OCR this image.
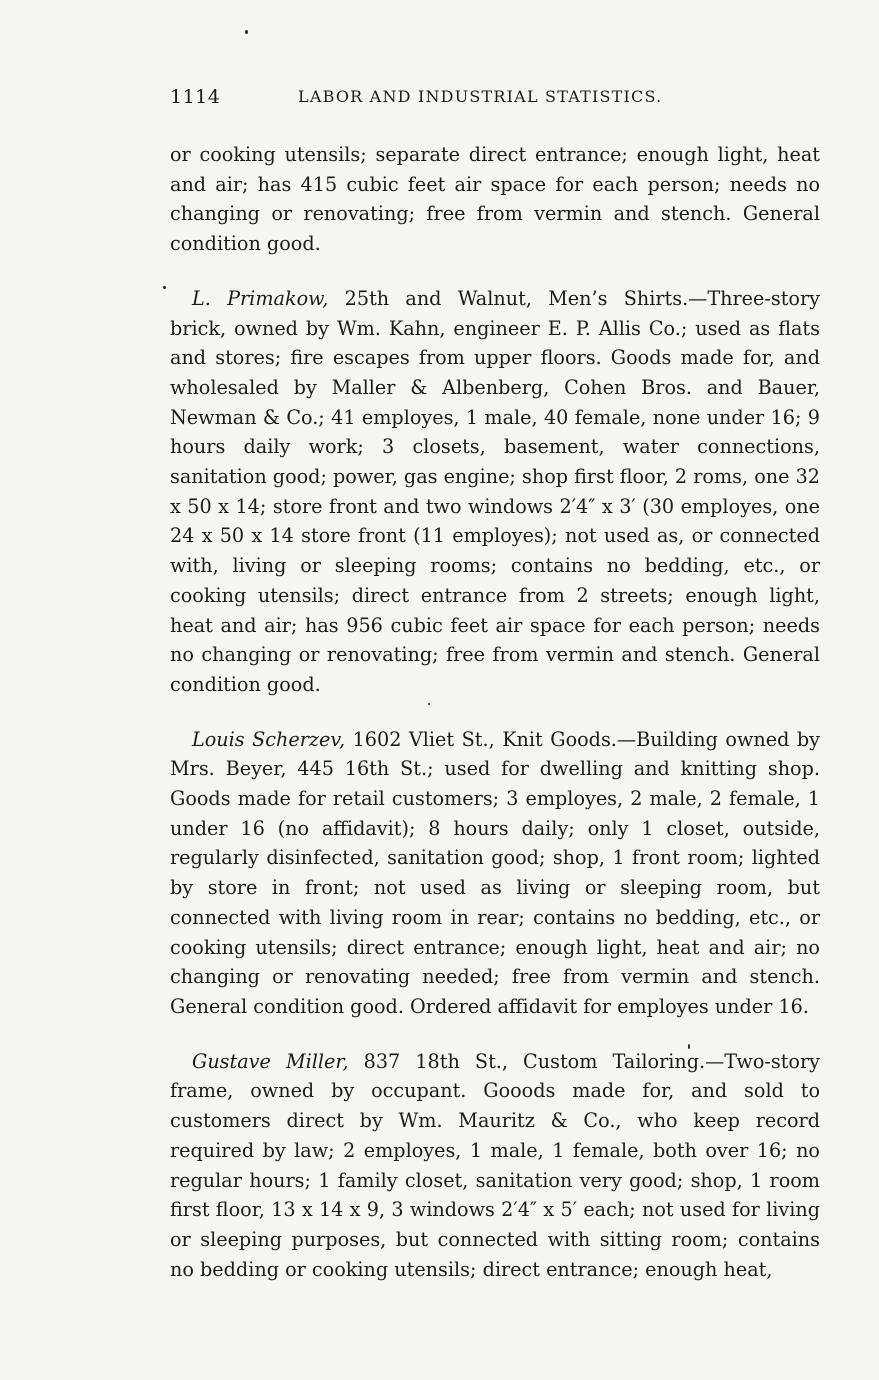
1114	LABOR AND INDUSTRIAL STATISTICS.

or cooking utensils; separate direct entrance; enough light, heat and air; has 415 cubic feet air space for each person; needs no changing or renovating; free from vermin and stench. General condition good.

L. Primakow, 25th and Walnut, Men’s Shirts.—Three-story brick, owned by Wm. Kahn, engineer E. P. Allis Co.; used as flats and stores; fire escapes from upper floors. Goods made for, and wholesaled by Maller & Albenberg, Cohen Bros. and Bauer, Newman & Co.; 41 employes, 1 male, 40 female, none under 16; 9 hours daily work; 3 closets, basement, water connections, sanitation good; power, gas engine; shop first floor, 2 roms, one 32 x 50 x 14; store front and two windows 2′4″ x 3′ (30 employes, one 24 x 50 x 14 store front (11 employes); not used as, or connected with, living or sleeping rooms; contains no bedding, etc., or cooking utensils; direct entrance from 2 streets; enough light, heat and air; has 956 cubic feet air space for each person; needs no changing or renovating; free from vermin and stench. General condition good.

Louis Scherzev, 1602 Vliet St., Knit Goods.—Building owned by Mrs. Beyer, 445 16th St.; used for dwelling and knitting shop. Goods made for retail customers; 3 employes, 2 male, 2 female, 1 under 16 (no affidavit); 8 hours daily; only 1 closet, outside, regularly disinfected, sanitation good; shop, 1 front room; lighted by store in front; not used as living or sleeping room, but connected with living room in rear; contains no bedding, etc., or cooking utensils; direct entrance; enough light, heat and air; no changing or renovating needed; free from vermin and stench. General condition good. Ordered affidavit for employes under 16.

Gustave Miller, 837 18th St., Custom Tailoring.—Two-story frame, owned by occupant. Gooods made for, and sold to customers direct by Wm. Mauritz & Co., who keep record required by law; 2 employes, 1 male, 1 female, both over 16; no regular hours; 1 family closet, sanitation very good; shop, 1 room first floor, 13 x 14 x 9, 3 windows 2′4″ x 5′ each; not used for living or sleeping purposes, but connected with sitting room; contains no bedding or cooking utensils; direct entrance; enough heat,
